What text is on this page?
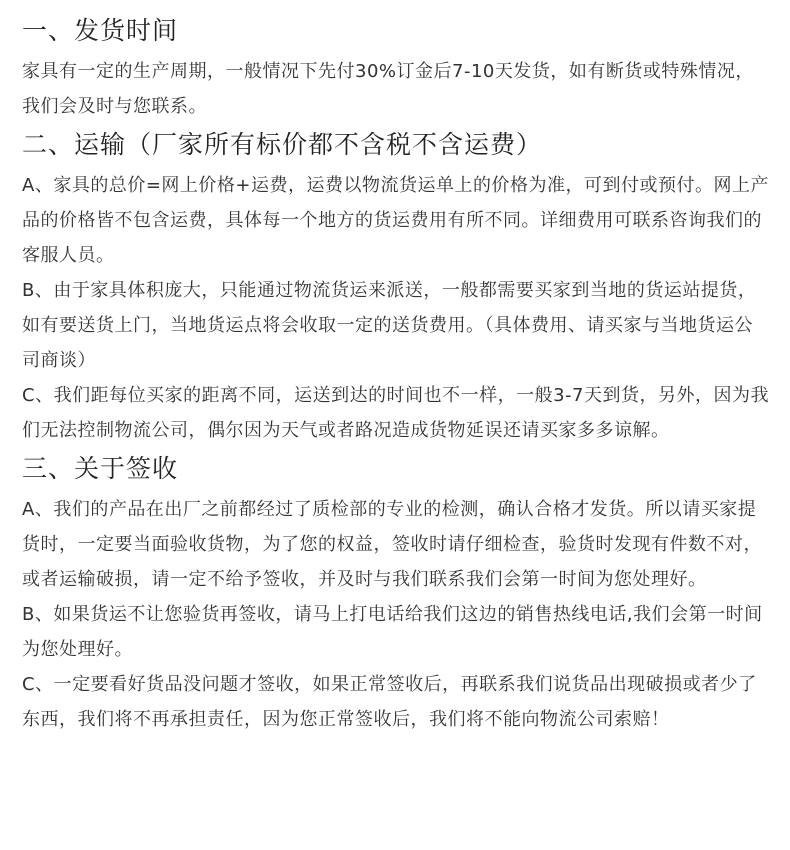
一、发货时间

家具有一定的生产周期，一般情况下先付30%订金后7-10天发货，如有断货或特殊情况，我们会及时与您联系。

二、运输（厂家所有标价都不含税不含运费）

A、家具的总价=网上价格+运费，运费以物流货运单上的价格为准，可到付或预付。网上产品的价格皆不包含运费，具体每一个地方的货运费用有所不同。详细费用可联系咨询我们的客服人员。

B、由于家具体积庞大，只能通过物流货运来派送，一般都需要买家到当地的货运站提货，如有要送货上门，当地货运点将会收取一定的送货费用。（具体费用、请买家与当地货运公司商谈）

C、我们距每位买家的距离不同，运送到达的时间也不一样，一般3-7天到货，另外，因为我们无法控制物流公司，偶尔因为天气或者路况造成货物延误还请买家多多谅解。

三、关于签收

A、我们的产品在出厂之前都经过了质检部的专业的检测，确认合格才发货。所以请买家提货时，一定要当面验收货物，为了您的权益，签收时请仔细检查，验货时发现有件数不对，或者运输破损，请一定不给予签收，并及时与我们联系我们会第一时间为您处理好。

B、如果货运不让您验货再签收，请马上打电话给我们这边的销售热线电话,我们会第一时间为您处理好。

C、一定要看好货品没问题才签收，如果正常签收后，再联系我们说货品出现破损或者少了东西，我们将不再承担责任，因为您正常签收后，我们将不能向物流公司索赔！
